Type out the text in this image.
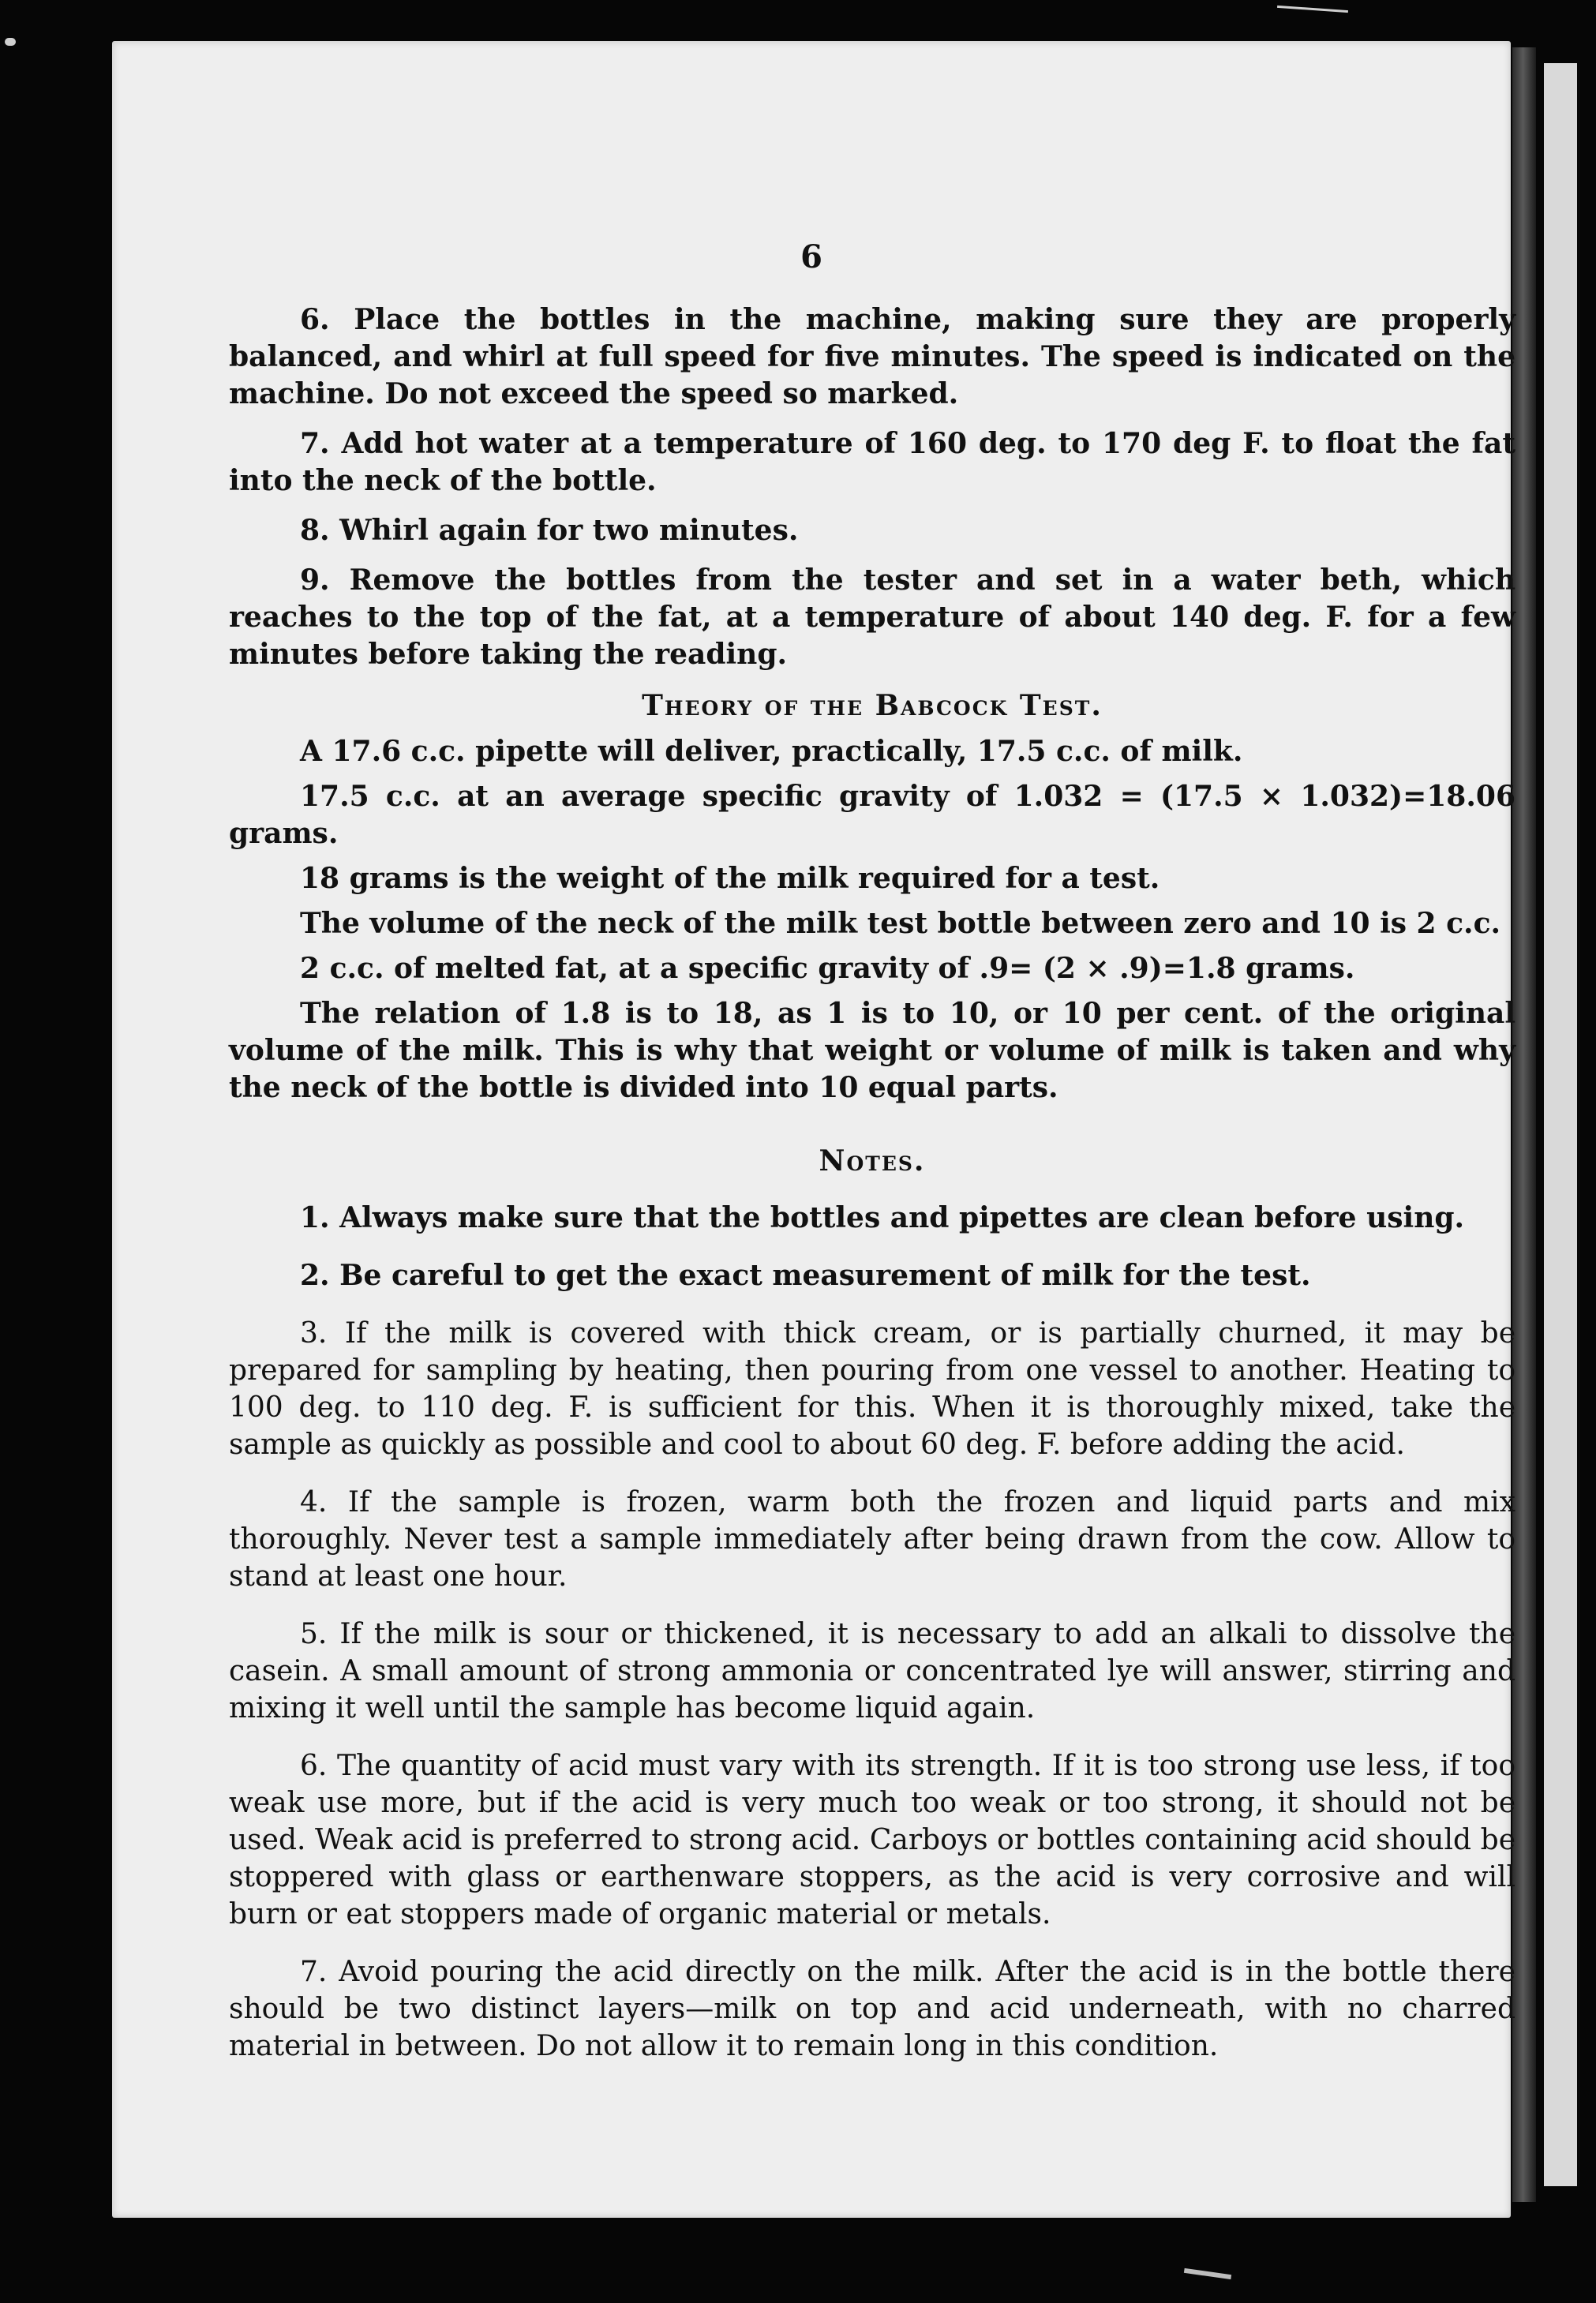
6

6. Place the bottles in the machine, making sure they are properly balanced, and whirl at full speed for five minutes. The speed is indicated on the machine. Do not exceed the speed so marked.

7. Add hot water at a temperature of 160 deg. to 170 deg F. to float the fat into the neck of the bottle.

8. Whirl again for two minutes.

9. Remove the bottles from the tester and set in a water beth, which reaches to the top of the fat, at a temperature of about 140 deg. F. for a few minutes before taking the reading.

Theory of the Babcock Test.

A 17.6 c.c. pipette will deliver, practically, 17.5 c.c. of milk.

17.5 c.c. at an average specific gravity of 1.032 = (17.5 × 1.032)=18.06 grams.

18 grams is the weight of the milk required for a test.

The volume of the neck of the milk test bottle between zero and 10 is 2 c.c.

2 c.c. of melted fat, at a specific gravity of .9= (2 × .9)=1.8 grams.

The relation of 1.8 is to 18, as 1 is to 10, or 10 per cent. of the original volume of the milk. This is why that weight or volume of milk is taken and why the neck of the bottle is divided into 10 equal parts.

Notes.

1. Always make sure that the bottles and pipettes are clean before using.

2. Be careful to get the exact measurement of milk for the test.

3. If the milk is covered with thick cream, or is partially churned, it may be prepared for sampling by heating, then pouring from one vessel to another. Heating to 100 deg. to 110 deg. F. is sufficient for this. When it is thoroughly mixed, take the sample as quickly as possible and cool to about 60 deg. F. before adding the acid.

4. If the sample is frozen, warm both the frozen and liquid parts and mix thoroughly. Never test a sample immediately after being drawn from the cow. Allow to stand at least one hour.

5. If the milk is sour or thickened, it is necessary to add an alkali to dissolve the casein. A small amount of strong ammonia or concentrated lye will answer, stirring and mixing it well until the sample has become liquid again.

6. The quantity of acid must vary with its strength. If it is too strong use less, if too weak use more, but if the acid is very much too weak or too strong, it should not be used. Weak acid is preferred to strong acid. Carboys or bottles containing acid should be stoppered with glass or earthenware stoppers, as the acid is very corrosive and will burn or eat stoppers made of organic material or metals.

7. Avoid pouring the acid directly on the milk. After the acid is in the bottle there should be two distinct layers—milk on top and acid underneath, with no charred material in between. Do not allow it to remain long in this condition.
